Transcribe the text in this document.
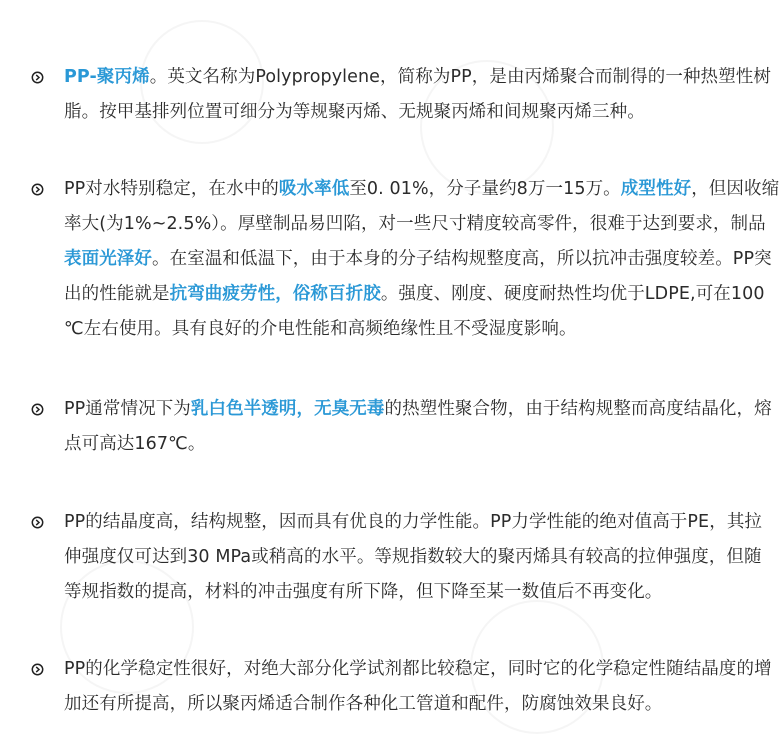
PP-聚丙烯。英文名称为Polypropylene，简称为PP，是由丙烯聚合而制得的一种热塑性树
脂。按甲基排列位置可细分为等规聚丙烯、无规聚丙烯和间规聚丙烯三种。
PP对水特别稳定，在水中的吸水率低至0. 01%，分子量约8万一15万。成型性好，但因收缩
率大(为1%~2.5%）。厚壁制品易凹陷，对一些尺寸精度较高零件，很难于达到要求，制品
表面光泽好。在室温和低温下，由于本身的分子结构规整度高，所以抗冲击强度较差。PP突
出的性能就是抗弯曲疲劳性，俗称百折胶。强度、刚度、硬度耐热性均优于LDPE,可在100
℃左右使用。具有良好的介电性能和高频绝缘性且不受湿度影响。
PP通常情况下为乳白色半透明，无臭无毒的热塑性聚合物，由于结构规整而高度结晶化，熔
点可高达167℃。
PP的结晶度高，结构规整，因而具有优良的力学性能。PP力学性能的绝对值高于PE，其拉
伸强度仅可达到30 MPa或稍高的水平。等规指数较大的聚丙烯具有较高的拉伸强度，但随
等规指数的提高，材料的冲击强度有所下降，但下降至某一数值后不再变化。
PP的化学稳定性很好，对绝大部分化学试剂都比较稳定，同时它的化学稳定性随结晶度的增
加还有所提高，所以聚丙烯适合制作各种化工管道和配件，防腐蚀效果良好。
